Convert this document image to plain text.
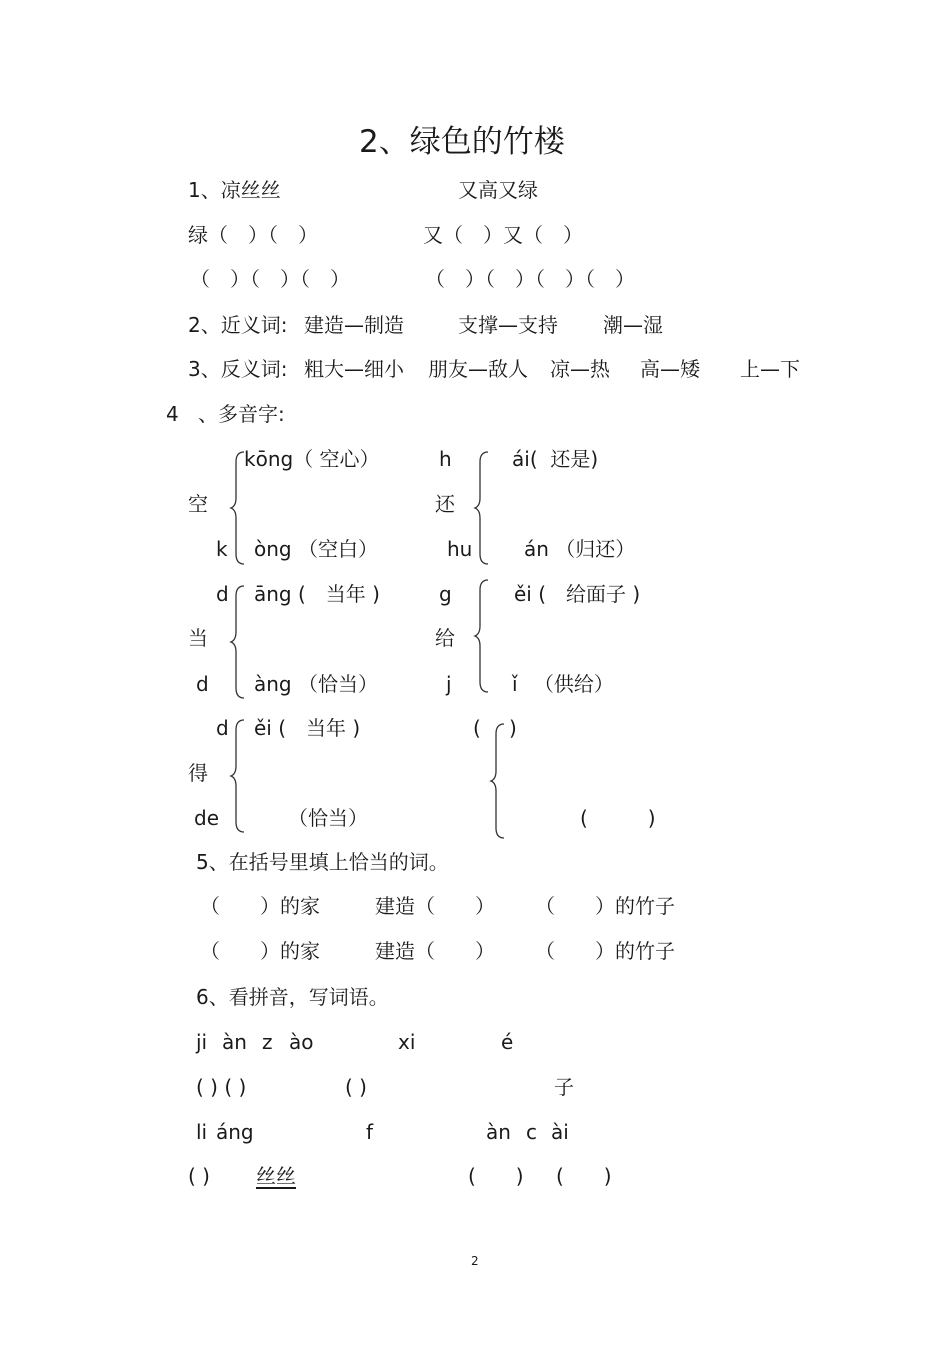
2、绿色的竹楼
1、凉丝丝	又高又绿
绿（　）（　）	又（　）又（　）
（　）（　）（　）	（　）（　）（　）（　）
2、近义词: 建造—制造	支撑—支持 潮—湿
3、反义词: 粗大—细小 朋友—敌人 凉—热 高—矮 上—下
4 、多音字:
空
kōng（ 空心）
k òng （空白）
还
h	ái(  还是)
hu	án （归还）
当
d āng (　当年 )
d àng （恰当）
给
g	ěi (　给面子 )
j	ǐ 　（供给）
得
d ěi (　当年 )
de	（恰当）
( )
(　　　)
5、在括号里填上恰当的词。
（　　）的家	建造（　　） （　　）的竹子
（　　）的家	建造（　　） （　　）的竹子
6、看拼音，写词语。
ji àn z ào	xi	é
( ) ( )	( )	子
li áng	f	àn c ài
( ) 丝丝	(　　) (　　)
2
